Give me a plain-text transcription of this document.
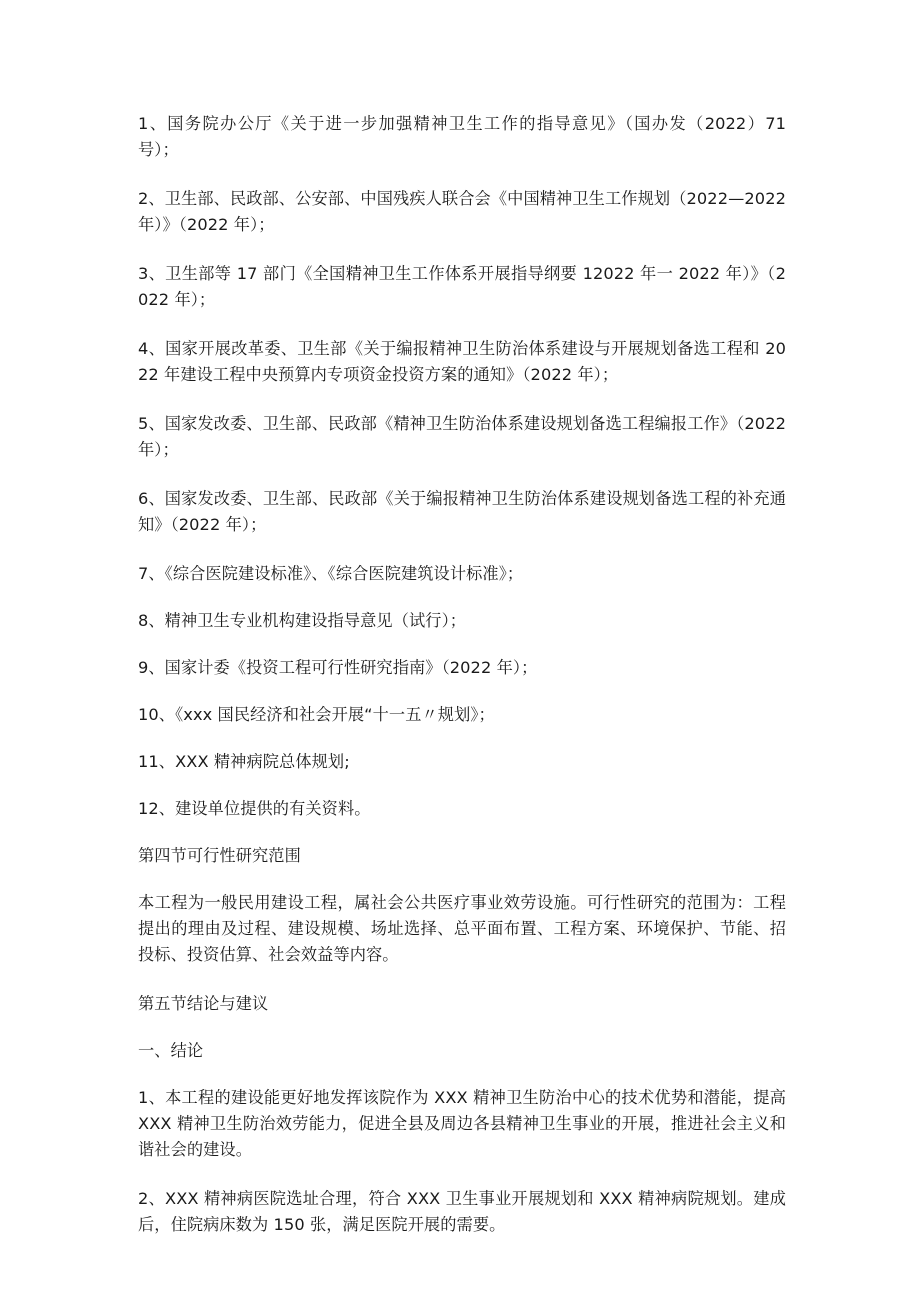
1、国务院办公厅《关于进一步加强精神卫生工作的指导意见》（国办发（2022）71 号）；

2、卫生部、民政部、公安部、中国残疾人联合会《中国精神卫生工作规划（2022—2022 年）》（2022 年）；

3、卫生部等 17 部门《全国精神卫生工作体系开展指导纲要 12022 年一 2022 年）》（2022 年）；

4、国家开展改革委、卫生部《关于编报精神卫生防治体系建设与开展规划备选工程和 2022 年建设工程中央预算内专项资金投资方案的通知》（2022 年）；

5、国家发改委、卫生部、民政部《精神卫生防治体系建设规划备选工程编报工作》（2022 年）；

6、国家发改委、卫生部、民政部《关于编报精神卫生防治体系建设规划备选工程的补充通知》（2022 年）；

7、《综合医院建设标准》、《综合医院建筑设计标准》；

8、精神卫生专业机构建设指导意见（试行）；

9、国家计委《投资工程可行性研究指南》（2022 年）；

10、《xxx 国民经济和社会开展“十一五〃规划》；

11、XXX 精神病院总体规划;

12、建设单位提供的有关资料。

第四节可行性研究范围

本工程为一般民用建设工程，属社会公共医疗事业效劳设施。可行性研究的范围为：工程提出的理由及过程、建设规模、场址选择、总平面布置、工程方案、环境保护、节能、招投标、投资估算、社会效益等内容。

第五节结论与建议

一、结论

1、本工程的建设能更好地发挥该院作为 XXX 精神卫生防治中心的技术优势和潜能，提高 XXX 精神卫生防治效劳能力，促进全县及周边各县精神卫生事业的开展，推进社会主义和谐社会的建设。

2、XXX 精神病医院选址合理，符合 XXX 卫生事业开展规划和 XXX 精神病院规划。建成后，住院病床数为 150 张，满足医院开展的需要。
